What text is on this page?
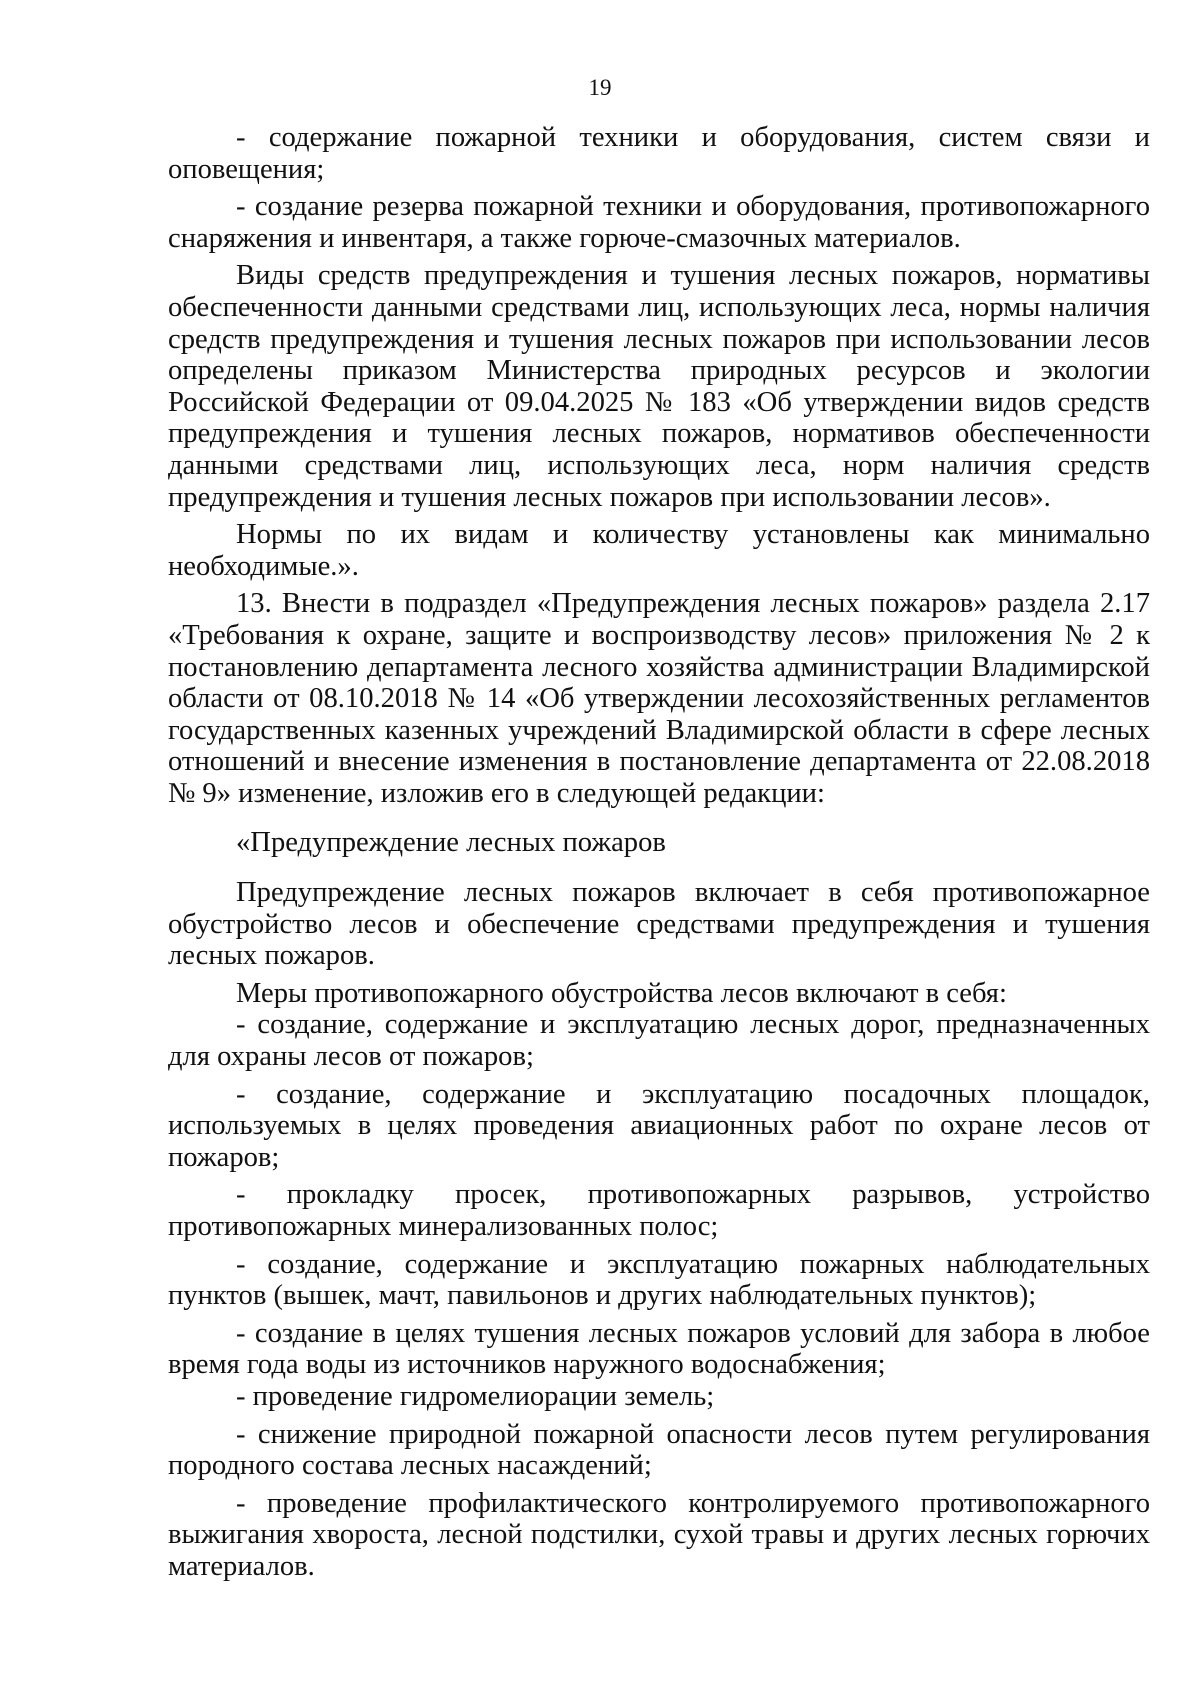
19

- содержание пожарной техники и оборудования, систем связи и оповещения;

- создание резерва пожарной техники и оборудования, противопожарного снаряжения и инвентаря, а также горюче-смазочных материалов.

Виды средств предупреждения и тушения лесных пожаров, нормативы обеспеченности данными средствами лиц, использующих леса, нормы наличия средств предупреждения и тушения лесных пожаров при использовании лесов определены приказом Министерства природных ресурсов и экологии Российской Федерации от 09.04.2025 № 183 «Об утверждении видов средств предупреждения и тушения лесных пожаров, нормативов обеспеченности данными средствами лиц, использующих леса, норм наличия средств предупреждения и тушения лесных пожаров при использовании лесов».

Нормы по их видам и количеству установлены как минимально необходимые.».

13. Внести в подраздел «Предупреждения лесных пожаров» раздела 2.17 «Требования к охране, защите и воспроизводству лесов» приложения № 2 к постановлению департамента лесного хозяйства администрации Владимирской области от 08.10.2018 № 14 «Об утверждении лесохозяйственных регламентов государственных казенных учреждений Владимирской области в сфере лесных отношений и внесение изменения в постановление департамента от 22.08.2018 № 9» изменение, изложив его в следующей редакции:

«Предупреждение лесных пожаров

Предупреждение лесных пожаров включает в себя противопожарное обустройство лесов и обеспечение средствами предупреждения и тушения лесных пожаров.

Меры противопожарного обустройства лесов включают в себя:

- создание, содержание и эксплуатацию лесных дорог, предназначенных для охраны лесов от пожаров;

- создание, содержание и эксплуатацию посадочных площадок, используемых в целях проведения авиационных работ по охране лесов от пожаров;

- прокладку просек, противопожарных разрывов, устройство противопожарных минерализованных полос;

- создание, содержание и эксплуатацию пожарных наблюдательных пунктов (вышек, мачт, павильонов и других наблюдательных пунктов);

- создание в целях тушения лесных пожаров условий для забора в любое время года воды из источников наружного водоснабжения;

- проведение гидромелиорации земель;

- снижение природной пожарной опасности лесов путем регулирования породного состава лесных насаждений;

- проведение профилактического контролируемого противопожарного выжигания хвороста, лесной подстилки, сухой травы и других лесных горючих материалов.
